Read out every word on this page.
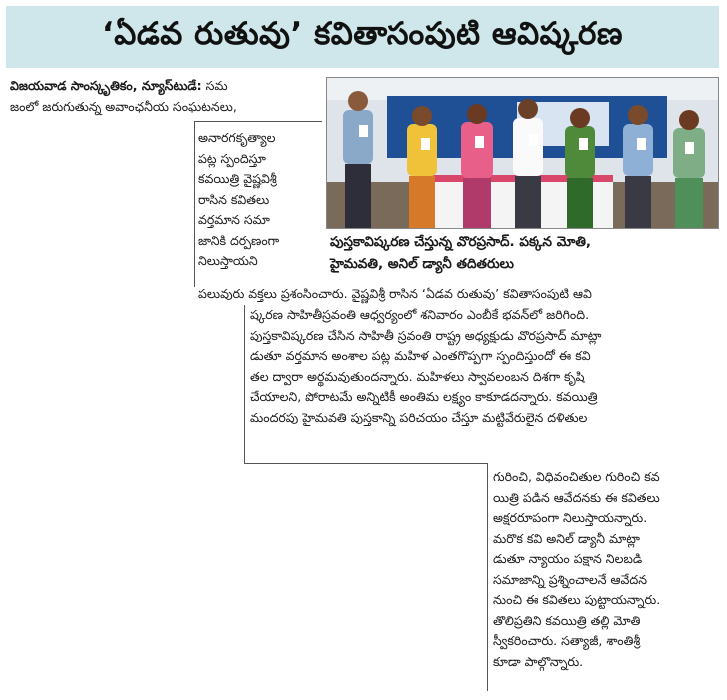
‘ఏడవ రుతువు’ కవితాసంపుటి ఆవిష్కరణ
విజయవాడ సాంస్కృతికం, న్యూస్‌టుడే: సమ
జంలో జరుగుతున్న అవాంఛనీయ సంఘటనలు,
అనారగకృత్యాల
పట్ల స్పందిస్తూ
కవయిత్రి వైష్ణవిశ్రీ
రాసిన కవితలు
వర్తమాన సమా
జానికి దర్పణంగా
నిలుస్తాయని
పుస్తకావిష్కరణ చేస్తున్న వొరప్రసాద్. పక్కన మోతి,
హైమవతి, అనిల్ డ్యానీ తదితరులు
పలువురు వక్తలు ప్రశంసించారు. వైష్ణవిశ్రీ రాసిన ‘ఏడవ రుతువు’ కవితాసంపుటి ఆవి
ష్కరణ సాహితీస్రవంతి ఆధ్వర్యంలో శనివారం ఎంబీకే భవన్‌లో జరిగింది.
పుస్తకావిష్కరణ చేసిన సాహితీ స్రవంతి రాష్ట్ర అధ్యక్షుడు వొరప్రసాద్ మాట్లా
డుతూ వర్తమాన అంశాల పట్ల మహిళ ఎంతగొప్పగా స్పందిస్తుందో ఈ కవి
తల ద్వారా అర్థమవుతుందన్నారు. మహిళలు స్వావలంబన దిశగా కృషి
చేయాలని, పోరాటమే అన్నిటికీ అంతిమ లక్ష్యం కాకూడదన్నారు. కవయిత్రి
మందరపు హైమవతి పుస్తకాన్ని పరిచయం చేస్తూ మట్టివేరులైన దళితుల
గురించి, విధివంచితుల గురించి కవ
యిత్రి పడిన ఆవేదనకు ఈ కవితలు
అక్షరరూపంగా నిలుస్తాయన్నారు.
మరొక కవి అనిల్ డ్యానీ మాట్లా
డుతూ న్యాయం పక్షాన నిలబడి
సమాజాన్ని ప్రశ్నించాలనే ఆవేదన
నుంచి ఈ కవితలు పుట్టాయన్నారు.
తొలిప్రతిని కవయిత్రి తల్లి మోతి
స్వీకరించారు. సత్యాజీ, శాంతిశ్రీ
కూడా పాల్గొన్నారు.
